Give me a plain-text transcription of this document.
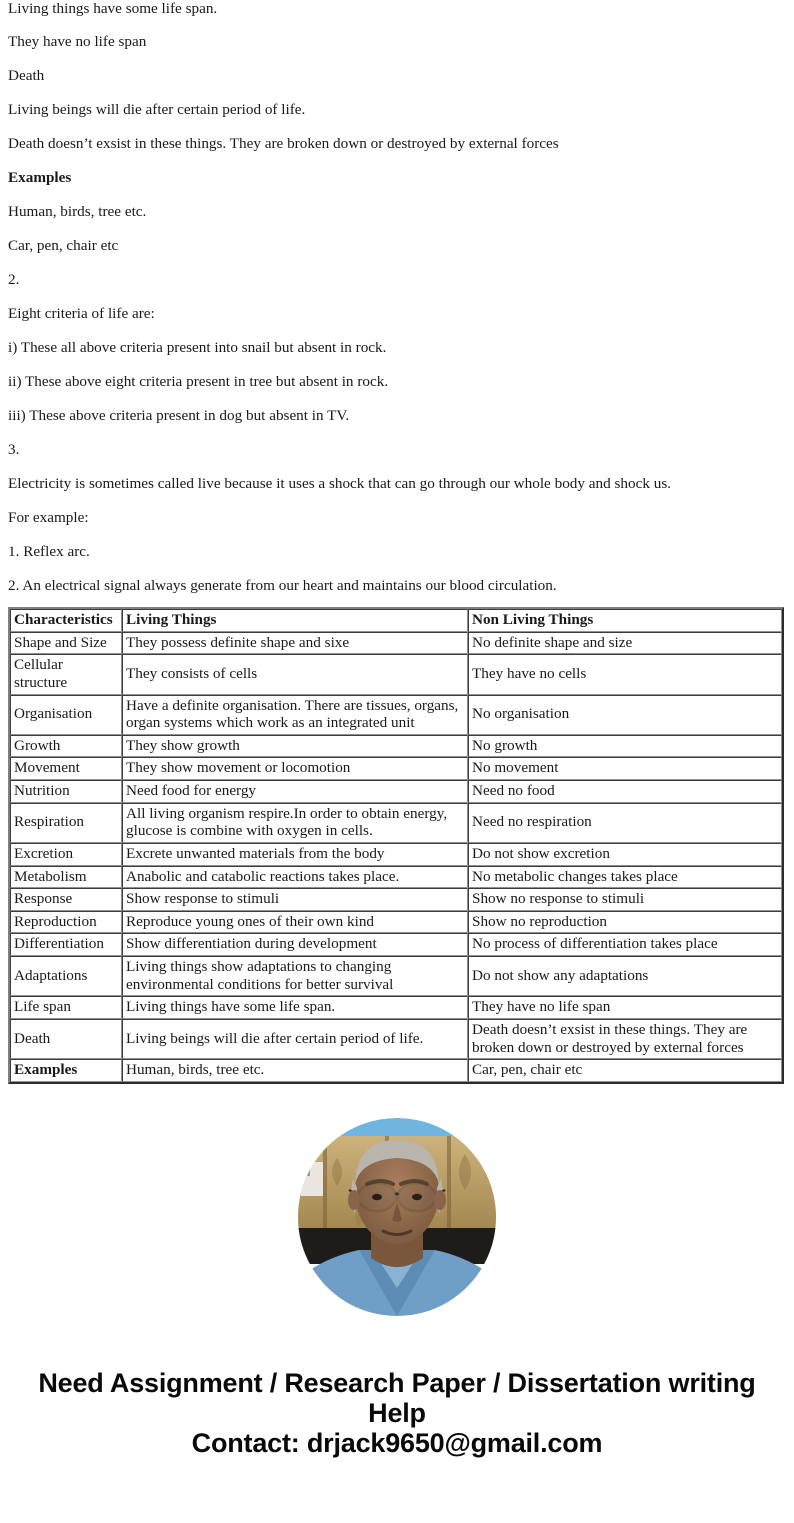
Living things have some life span.

They have no life span

Death

Living beings will die after certain period of life.

Death doesn’t exsist in these things. They are broken down or destroyed by external forces

Examples

Human, birds, tree etc.

Car, pen, chair etc

2.

Eight criteria of life are:

i) These all above criteria present into snail but absent in rock.

ii) These above eight criteria present in tree but absent in rock.

iii) These above criteria present in dog but absent in TV.

3.

Electricity is sometimes called live because it uses a shock that can go through our whole body and shock us.

For example:

1. Reflex arc.

2. An electrical signal always generate from our heart and maintains our blood circulation.

Characteristics	Living Things	Non Living Things
Shape and Size	They possess definite shape and sixe	No definite shape and size
Cellular structure	They consists of cells	They have no cells
Organisation	Have a definite organisation. There are tissues, organs, organ systems which work as an integrated unit	No organisation
Growth	They show growth	No growth
Movement	They show movement or locomotion	No movement
Nutrition	Need food for energy	Need no food
Respiration	All living organism respire.In order to obtain energy, glucose is combine with oxygen in cells.	Need no respiration
Excretion	Excrete unwanted materials from the body	Do not show excretion
Metabolism	Anabolic and catabolic reactions takes place.	No metabolic changes takes place
Response	Show response to stimuli	Show no response to stimuli
Reproduction	Reproduce young ones of their own kind	Show no reproduction
Differentiation	Show differentiation during development	No process of differentiation takes place
Adaptations	Living things show adaptations to changing environmental conditions for better survival	Do not show any adaptations
Life span	Living things have some life span.	They have no life span
Death	Living beings will die after certain period of life.	Death doesn’t exsist in these things. They are broken down or destroyed by external forces
Examples	Human, birds, tree etc.	Car, pen, chair etc
Need Assignment / Research Paper / Dissertation writing Help
Contact: drjack9650@gmail.com
